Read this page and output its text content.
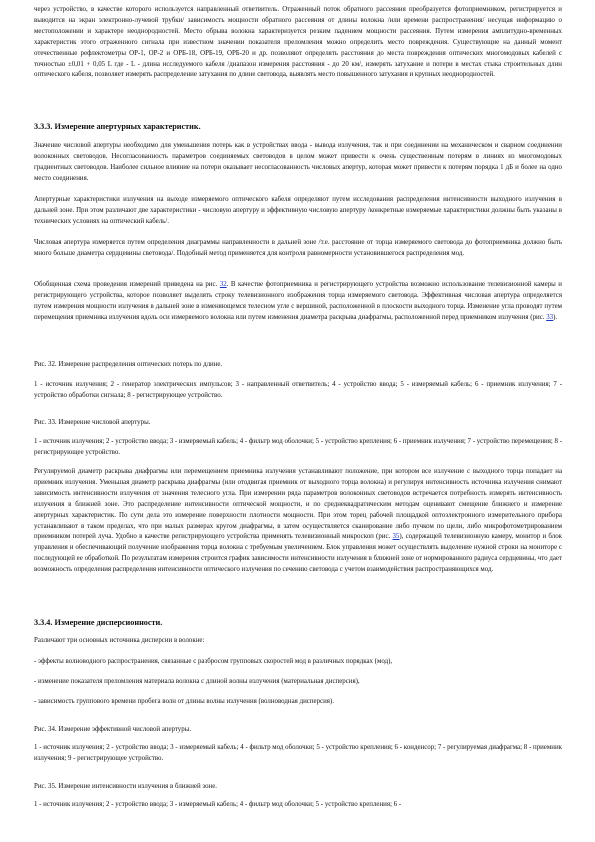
через устройство, в качестве которого используется направленный ответвитель. Отраженный поток обратного рассеяния преобразуется фотоприемником, регистрируется и выводится на экран электронно-лучевой трубки/ зависимость мощности обратного рассеяния от длины волокна /или времени распространения/ несущая информацию о местоположении и характере неоднородностей. Место обрыва волокна характеризуется резким падением мощности рассеяния. Путем измерения амплитудно-временных характеристик этого отраженного сигнала при известном значении показателя преломления можно определить место повреждения. Существующие на данный момент отечественные рефлектометры ОР-1, ОР-2 и ОРБ-18, ОРБ-19, ОРБ-20 и др. позволяют определять расстояния до места повреждения оптических многомодовых кабелей с точностью ±0,01 + 0,05 L где - L - длина исследуемого кабеля /диапазон измерения расстояния - до 20 км/, измерять затухание и потери в местах стыка строительных длин оптического кабеля, позволяет измерять распределение затухания по длине световода, выявлять место повышенного затухания и крупных неоднородностей.

3.3.3. Измерение апертурных характеристик.

Значение числовой апертуры необходимо для уменьшения потерь как в устройствах ввода - вывода излучения, так и при соединении на механическом и сварном соединении волоконных световодов. Несогласованность параметров соединяемых световодов в целом может привести к очень существенным потерям в линиях из многомодовых градиентных световодов. Наиболее сильное влияние на потери оказывает несогласованность числовых апертур, которая может привести к потерям порядка 1 дБ и более на одно место соединения.

Апертурные характеристики излучения на выходе измеряемого оптического кабеля определяют путем исследования распределения интенсивности выходного излучения в дальней зоне. При этом различают две характеристики - числовую апертуру и эффективную числовую апертуру /конкретные измеряемые характеристики должны быть указаны в технических условиях на оптический кабель/.

Числовая апертура измеряется путем определения диаграммы направленности в дальней зоне /т.е. расстояние от торца измеряемого световода до фотоприемника должно быть много больше диаметра сердцевины световода/. Подобный метод применяется для контроля равномерности установившегося распределения мод.

Обобщенная схема проведения измерений приведена на рис. 32. В качестве фотоприемника и регистрирующего устройства возможно использование телевизионной камеры и регистрирующего устройства, которое позволяет выделять строку телевизионного изображения торца измеряемого световода. Эффективная числовая апертура определяется путем измерения мощности излучения в дальней зоне в изменяющемся телесном угле с вершиной, расположенной в плоскости выходного торца. Изменение угла проводят путем перемещения приемника излучения вдоль оси измеряемого волокна или путем изменения диаметра раскрыва диафрагмы, расположенной перед приемником излучения (рис. 33).

Рис. 32. Измерение распределения оптических потерь по длине.

1 - источник излучения; 2 - генератор электрических импульсов; 3 - направленный ответвитель; 4 - устройство ввода; 5 - измеряемый кабель; 6 - приемник излучения; 7 - устройство обработки сигнала; 8 - регистрирующее устройство.

Рис. 33. Измерение числовой апертуры.

1 - источник излучения; 2 - устройство ввода; 3 - измеряемый кабель; 4 - фильтр мод оболочки; 5 - устройство крепления; 6 - приемник излучения; 7 - устройство перемещения; 8 - регистрирующее устройство.

Регулируемой диаметр раскрыва диафрагмы или перемещением приемника излучения устанавливают положение, при котором все излучение с выходного торца попадает на приемник излучения. Уменьшая диаметр раскрыва диафрагмы (или отодвигая приемник от выходного торца волокна) и регулируя интенсивность источника излучения снимают зависимость интенсивности излучения от значения телесного угла. При измерении ряда параметров волоконных световодов встречается потребность измерять интенсивность излучения в ближней зоне. Это распределение интенсивности оптической мощности, и по среднеквадратическим методам оценивают смещение ближнего и измерение апертурных характеристик. По сути дела это измерение поверхности плотности мощности. При этом торец рабочей площадкой оптоэлектронного измерительного прибора устанавливают в таком пределах, что при малых размерах кругом диафрагмы, в затем осуществляется сканирование либо пучком по щели, либо микрофотометрированием приемником потерей луча. Удобно в качестве регистрирующего устройства применять телевизионный микроскоп (рис. 35), содержащей телевизионную камеру, монитор и блок управления и обеспечивающий получение изображения торца волокна с требуемым увеличением. Блок управления может осуществлять выделение нужной строки на мониторе с последующей ее обработкой. По результатам измерения строится график зависимости интенсивности излучения в ближней зоне от нормированного радиуса сердцевины, что дает возможность определения распределения интенсивности оптического излучения по сечению световода с учетом взаимодействия распространяющихся мод.

3.3.4. Измерение дисперсионности.

Различают три основных источника дисперсии в волокне:

- эффекты волноводного распространения, связанные с разбросом групповых скоростей мод в различных порядках (мод),

- изменение показателя преломления материала волокна с длиной волны излучения (материальная дисперсия),

- зависимость группового времени пробега волн от длины волны излучения (волноводная дисперсия).

Рис. 34. Измерение эффективной числовой апертуры.

1 - источник излучения; 2 - устройство ввода; 3 - измеряемый кабель; 4 - фильтр мод оболочки; 5 - устройство крепления; 6 - конденсор; 7 - регулируемая диафрагма; 8 - приемник излучения; 9 - регистрирующее устройство.

Рис. 35. Измерение интенсивности излучения в ближней зоне.

1 - источник излучения; 2 - устройство ввода; 3 - измеряемый кабель; 4 - фильтр мод оболочки; 5 - устройство крепления; 6 -
